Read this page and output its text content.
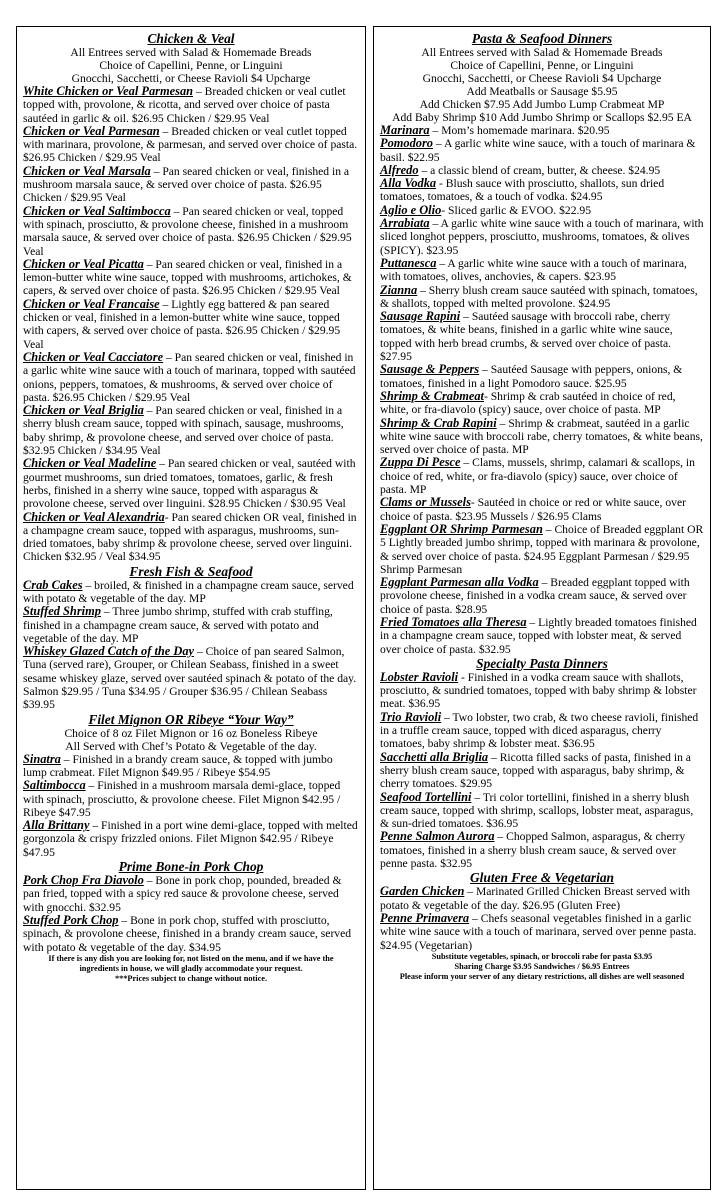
Chicken & Veal
All Entrees served with Salad & Homemade Breads
Choice of Capellini, Penne, or Linguini
Gnocchi, Sacchetti, or Cheese Ravioli $4 Upcharge

White Chicken or Veal Parmesan – Breaded chicken or veal cutlet topped with, provolone, & ricotta, and served over choice of pasta sautéed in garlic & oil. $26.95 Chicken / $29.95 Veal

Chicken or Veal Parmesan – Breaded chicken or veal cutlet topped with marinara, provolone, & parmesan, and served over choice of pasta. $26.95 Chicken / $29.95 Veal

Chicken or Veal Marsala – Pan seared chicken or veal, finished in a mushroom marsala sauce, & served over choice of pasta. $26.95 Chicken / $29.95 Veal

Chicken or Veal Saltimbocca – Pan seared chicken or veal, topped with spinach, prosciutto, & provolone cheese, finished in a mushroom marsala sauce, & served over choice of pasta. $26.95 Chicken / $29.95 Veal

Chicken or Veal Picatta – Pan seared chicken or veal, finished in a lemon-butter white wine sauce, topped with mushrooms, artichokes, & capers, & served over choice of pasta. $26.95 Chicken / $29.95 Veal

Chicken or Veal Francaise – Lightly egg battered & pan seared chicken or veal, finished in a lemon-butter white wine sauce, topped with capers, & served over choice of pasta. $26.95 Chicken / $29.95 Veal

Chicken or Veal Cacciatore – Pan seared chicken or veal, finished in a garlic white wine sauce with a touch of marinara, topped with sautéed onions, peppers, tomatoes, & mushrooms, & served over choice of pasta. $26.95 Chicken / $29.95 Veal

Chicken or Veal Briglia – Pan seared chicken or veal, finished in a sherry blush cream sauce, topped with spinach, sausage, mushrooms, baby shrimp, & provolone cheese, and served over choice of pasta. $32.95 Chicken / $34.95 Veal

Chicken or Veal Madeline – Pan seared chicken or veal, sautéed with gourmet mushrooms, sun dried tomatoes, tomatoes, garlic, & fresh herbs, finished in a sherry wine sauce, topped with asparagus & provolone cheese, served over linguini. $28.95 Chicken / $30.95 Veal

Chicken or Veal Alexandria- Pan seared chicken OR veal, finished in a champagne cream sauce, topped with asparagus, mushrooms, sun-dried tomatoes, baby shrimp & provolone cheese, served over linguini. Chicken $32.95 / Veal $34.95

Fresh Fish & Seafood

Crab Cakes – broiled, & finished in a champagne cream sauce, served with potato & vegetable of the day. MP

Stuffed Shrimp – Three jumbo shrimp, stuffed with crab stuffing, finished in a champagne cream sauce, & served with potato and vegetable of the day. MP

Whiskey Glazed Catch of the Day – Choice of pan seared Salmon, Tuna (served rare), Grouper, or Chilean Seabass, finished in a sweet sesame whiskey glaze, served over sautéed spinach & potato of the day. Salmon $29.95 / Tuna $34.95 / Grouper $36.95 / Chilean Seabass $39.95

Filet Mignon OR Ribeye “Your Way”
Choice of 8 oz Filet Mignon or 16 oz Boneless Ribeye
All Served with Chef’s Potato & Vegetable of the day.

Sinatra – Finished in a brandy cream sauce, & topped with jumbo lump crabmeat. Filet Mignon $49.95 / Ribeye $54.95

Saltimbocca – Finished in a mushroom marsala demi-glace, topped with spinach, prosciutto, & provolone cheese. Filet Mignon $42.95 / Ribeye $47.95

Alla Brittany – Finished in a port wine demi-glace, topped with melted gorgonzola & crispy frizzled onions. Filet Mignon $42.95 / Ribeye $47.95

Prime Bone-in Pork Chop

Pork Chop Fra Diavolo – Bone in pork chop, pounded, breaded & pan fried, topped with a spicy red sauce & provolone cheese, served with gnocchi. $32.95

Stuffed Pork Chop – Bone in pork chop, stuffed with prosciutto, spinach, & provolone cheese, finished in a brandy cream sauce, served with potato & vegetable of the day. $34.95

If there is any dish you are looking for, not listed on the menu, and if we have the
ingredients in house, we will gladly accommodate your request.
***Prices subject to change without notice.
Pasta & Seafood Dinners
All Entrees served with Salad & Homemade Breads
Choice of Capellini, Penne, or Linguini
Gnocchi, Sacchetti, or Cheese Ravioli $4 Upcharge
Add Meatballs or Sausage $5.95
Add Chicken $7.95 Add Jumbo Lump Crabmeat MP
Add Baby Shrimp $10 Add Jumbo Shrimp or Scallops $2.95 EA

Marinara – Mom’s homemade marinara. $20.95

Pomodoro – A garlic white wine sauce, with a touch of marinara & basil. $22.95

Alfredo – a classic blend of cream, butter, & cheese. $24.95

Alla Vodka - Blush sauce with prosciutto, shallots, sun dried tomatoes, tomatoes, & a touch of vodka. $24.95

Aglio e Olio- Sliced garlic & EVOO. $22.95

Arrabiata – A garlic white wine sauce with a touch of marinara, with sliced longhot peppers, prosciutto, mushrooms, tomatoes, & olives (SPICY). $23.95

Puttanesca – A garlic white wine sauce with a touch of marinara, with tomatoes, olives, anchovies, & capers. $23.95

Zianna – Sherry blush cream sauce sautéed with spinach, tomatoes, & shallots, topped with melted provolone. $24.95

Sausage Rapini – Sautéed sausage with broccoli rabe, cherry tomatoes, & white beans, finished in a garlic white wine sauce, topped with herb bread crumbs, & served over choice of pasta. $27.95

Sausage & Peppers – Sautéed Sausage with peppers, onions, & tomatoes, finished in a light Pomodoro sauce. $25.95

Shrimp & Crabmeat- Shrimp & crab sautéed in choice of red, white, or fra-diavolo (spicy) sauce, over choice of pasta. MP

Shrimp & Crab Rapini – Shrimp & crabmeat, sautéed in a garlic white wine sauce with broccoli rabe, cherry tomatoes, & white beans, served over choice of pasta. MP

Zuppa Di Pesce – Clams, mussels, shrimp, calamari & scallops, in choice of red, white, or fra-diavolo (spicy) sauce, over choice of pasta. MP

Clams or Mussels- Sautéed in choice or red or white sauce, over choice of pasta. $23.95 Mussels / $26.95 Clams

Eggplant OR Shrimp Parmesan – Choice of Breaded eggplant OR 5 Lightly breaded jumbo shrimp, topped with marinara & provolone, & served over choice of pasta. $24.95 Eggplant Parmesan / $29.95 Shrimp Parmesan

Eggplant Parmesan alla Vodka – Breaded eggplant topped with provolone cheese, finished in a vodka cream sauce, & served over choice of pasta. $28.95

Fried Tomatoes alla Theresa – Lightly breaded tomatoes finished in a champagne cream sauce, topped with lobster meat, & served over choice of pasta. $32.95

Specialty Pasta Dinners

Lobster Ravioli - Finished in a vodka cream sauce with shallots, prosciutto, & sundried tomatoes, topped with baby shrimp & lobster meat. $36.95

Trio Ravioli – Two lobster, two crab, & two cheese ravioli, finished in a truffle cream sauce, topped with diced asparagus, cherry tomatoes, baby shrimp & lobster meat. $36.95

Sacchetti alla Briglia – Ricotta filled sacks of pasta, finished in a sherry blush cream sauce, topped with asparagus, baby shrimp, & cherry tomatoes. $29.95

Seafood Tortellini – Tri color tortellini, finished in a sherry blush cream sauce, topped with shrimp, scallops, lobster meat, asparagus, & sun-dried tomatoes. $36.95

Penne Salmon Aurora – Chopped Salmon, asparagus, & cherry tomatoes, finished in a sherry blush cream sauce, & served over penne pasta. $32.95

Gluten Free & Vegetarian

Garden Chicken – Marinated Grilled Chicken Breast served with potato & vegetable of the day. $26.95 (Gluten Free)

Penne Primavera – Chefs seasonal vegetables finished in a garlic white wine sauce with a touch of marinara, served over penne pasta. $24.95 (Vegetarian)

Substitute vegetables, spinach, or broccoli rabe for pasta $3.95
Sharing Charge $3.95 Sandwiches / $6.95 Entrees
Please inform your server of any dietary restrictions, all dishes are well seasoned
